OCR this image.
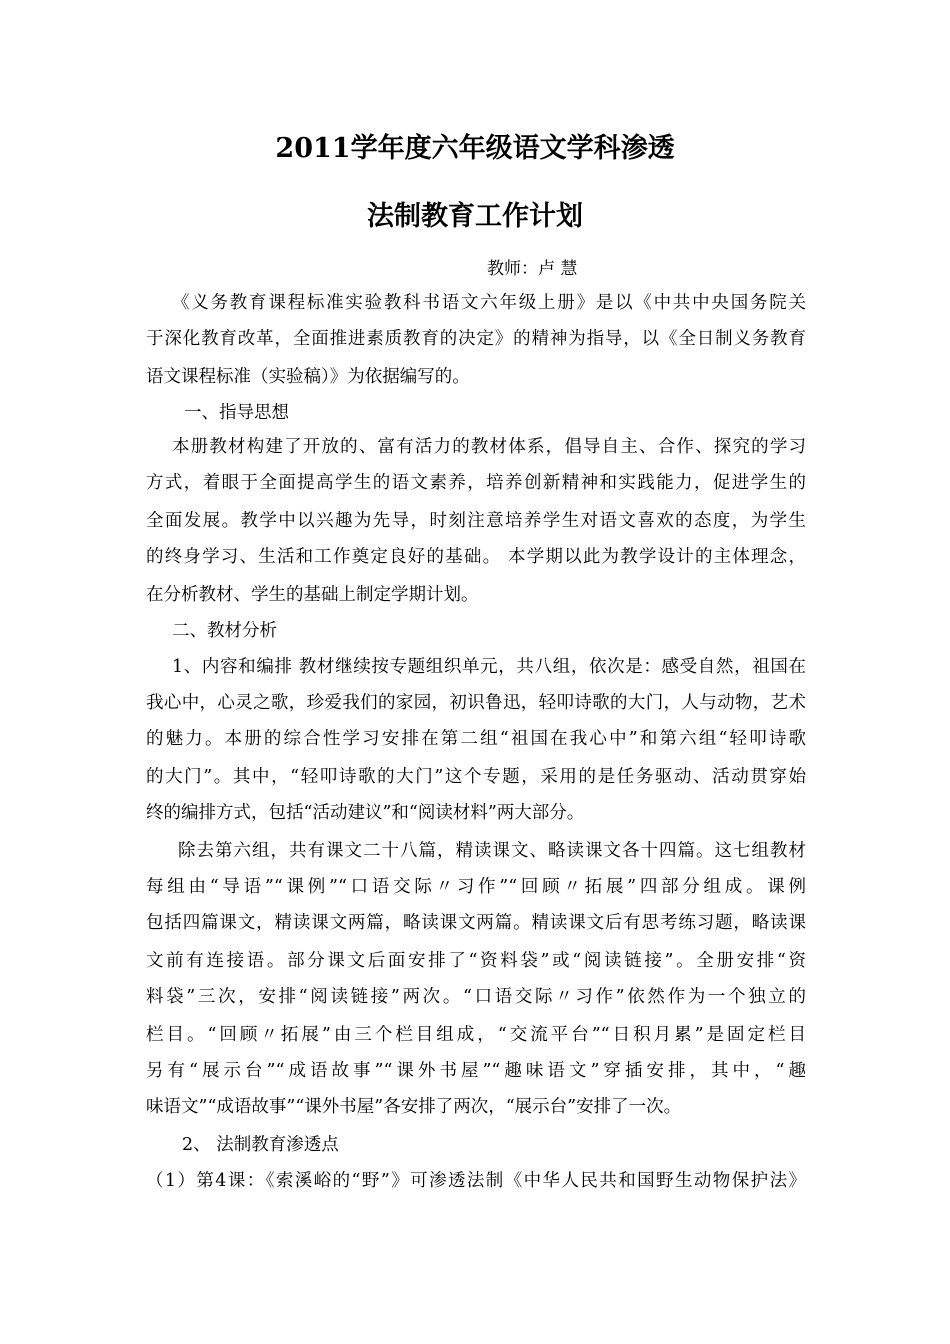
2011学年度六年级语文学科渗透
法制教育工作计划
教师：卢 慧
《义务教育课程标准实验教科书语文六年级上册》是以《中共中央国务院关
于深化教育改革，全面推进素质教育的决定》的精神为指导，以《全日制义务教育
语文课程标准（实验稿）》为依据编写的。
一、指导思想
本册教材构建了开放的、富有活力的教材体系，倡导自主、合作、探究的学习
方式，着眼于全面提高学生的语文素养，培养创新精神和实践能力，促进学生的
全面发展。教学中以兴趣为先导，时刻注意培养学生对语文喜欢的态度，为学生
的终身学习、生活和工作奠定良好的基础。 本学期以此为教学设计的主体理念，
在分析教材、学生的基础上制定学期计划。
二、教材分析
1、内容和编排 教材继续按专题组织单元，共八组，依次是：感受自然，祖国在
我心中，心灵之歌，珍爱我们的家园，初识鲁迅，轻叩诗歌的大门，人与动物，艺术
的魅力。本册的综合性学习安排在第二组“祖国在我心中”和第六组“轻叩诗歌
的大门”。其中，“轻叩诗歌的大门”这个专题，采用的是任务驱动、活动贯穿始
终的编排方式，包括“活动建议”和“阅读材料”两大部分。
除去第六组，共有课文二十八篇，精读课文、略读课文各十四篇。这七组教材
每组由“导语”“课例”“口语交际〃习作”“回顾〃拓展”四部分组成。课例
包括四篇课文，精读课文两篇，略读课文两篇。精读课文后有思考练习题，略读课
文前有连接语。部分课文后面安排了“资料袋”或“阅读链接”。全册安排“资
料袋”三次，安排“阅读链接”两次。“口语交际〃习作”依然作为一个独立的
栏目。“回顾〃拓展”由三个栏目组成，“交流平台”“日积月累”是固定栏目
另有“展示台”“成语故事”“课外书屋”“趣味语文”穿插安排，其中，“趣
味语文”“成语故事”“课外书屋”各安排了两次，“展示台”安排了一次。
2、 法制教育渗透点
（1）第4课：《索溪峪的“野”》可渗透法制《中华人民共和国野生动物保护法》
